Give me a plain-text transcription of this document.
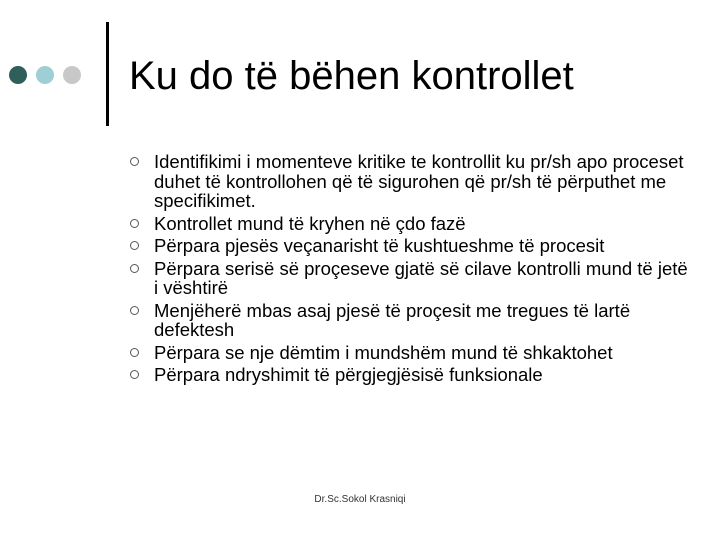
Ku do të bëhen kontrollet
Identifikimi i momenteve kritike te kontrollit ku pr/sh apo proceset duhet të kontrollohen që të sigurohen që pr/sh të përputhet me specifikimet.
Kontrollet mund të kryhen në çdo fazë
Përpara pjesës veçanarisht të kushtueshme të procesit
Përpara serisë së proçeseve gjatë së cilave kontrolli mund të jetë i vështirë
Menjëherë mbas asaj pjesë të proçesit me tregues të lartë defektesh
Përpara se nje dëmtim i mundshëm mund të shkaktohet
Përpara ndryshimit të përgjegjësisë funksionale
Dr.Sc.Sokol Krasniqi
